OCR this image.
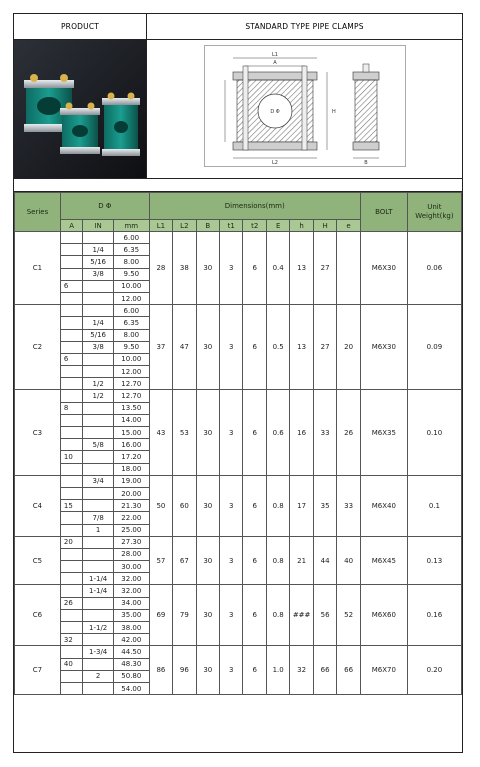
PRODUCT	STANDARD TYPE PIPE CLAMPS
L1
A
D Φ
L2
H
B
Series	D Φ			Dimensions(mm)									BOLT	Unit Weight(kg)
	A	IN	mm	L1	L2	B	t1	t2	E	h	H	e		
C1			6.00	28	38	30	3	6	0.4	13	27		M6X30	0.06
		1/4	6.35											
		5/16	8.00											
		3/8	9.50											
	6		10.00											
			12.00											
C2			6.00	37	47	30	3	6	0.5	13	27	20	M6X30	0.09
		1/4	6.35											
		5/16	8.00											
		3/8	9.50											
	6		10.00											
			12.00											
		1/2	12.70											
C3		1/2	12.70	43	53	30	3	6	0.6	16	33	26	M6X35	0.10
	8		13.50											
			14.00											
			15.00											
		5/8	16.00											
	10		17.20											
			18.00											
C4		3/4	19.00	50	60	30	3	6	0.8	17	35	33	M6X40	0.1
			20.00											
	15		21.30											
		7/8	22.00											
		1	25.00											
C5	20		27.30	57	67	30	3	6	0.8	21	44	40	M6X45	0.13
			28.00											
			30.00											
		1-1/4	32.00											
C6		1-1/4	32.00	69	79	30	3	6	0.8	###	56	52	M6X60	0.16
	26		34.00											
			35.00											
		1-1/2	38.00											
	32		42.00											
C7		1-3/4	44.50	86	96	30	3	6	1.0	32	66	66	M6X70	0.20
	40		48.30											
		2	50.80											
			54.00											
